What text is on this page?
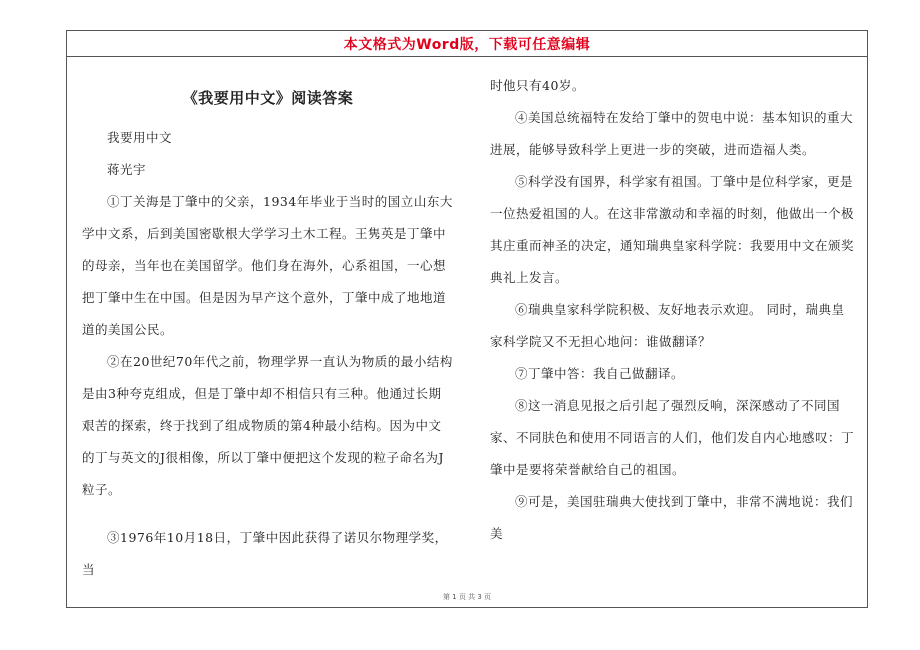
本文格式为Word版，下载可任意编辑
《我要用中文》阅读答案

我要用中文

蒋光宇

①丁关海是丁肇中的父亲，1934年毕业于当时的国立山东大学中文系，后到美国密歇根大学学习土木工程。王隽英是丁肇中的母亲，当年也在美国留学。他们身在海外，心系祖国，一心想把丁肇中生在中国。但是因为早产这个意外，丁肇中成了地地道道的美国公民。

②在20世纪70年代之前，物理学界一直认为物质的最小结构是由3种夸克组成，但是丁肇中却不相信只有三种。他通过长期艰苦的探索，终于找到了组成物质的第4种最小结构。因为中文的丁与英文的J很相像，所以丁肇中便把这个发现的粒子命名为J粒子。

③1976年10月18日，丁肇中因此获得了诺贝尔物理学奖，当

时他只有40岁。

④美国总统福特在发给丁肇中的贺电中说：基本知识的重大进展，能够导致科学上更进一步的突破，进而造福人类。

⑤科学没有国界，科学家有祖国。丁肇中是位科学家，更是一位热爱祖国的人。在这非常激动和幸福的时刻，他做出一个极其庄重而神圣的决定，通知瑞典皇家科学院：我要用中文在颁奖典礼上发言。

⑥瑞典皇家科学院积极、友好地表示欢迎。 同时，瑞典皇家科学院又不无担心地问：谁做翻译？

⑦丁肇中答：我自己做翻译。

⑧这一消息见报之后引起了强烈反响，深深感动了不同国家、不同肤色和使用不同语言的人们，他们发自内心地感叹：丁肇中是要将荣誉献给自己的祖国。

⑨可是，美国驻瑞典大使找到丁肇中，非常不满地说：我们美

第 1 页 共 3 页
